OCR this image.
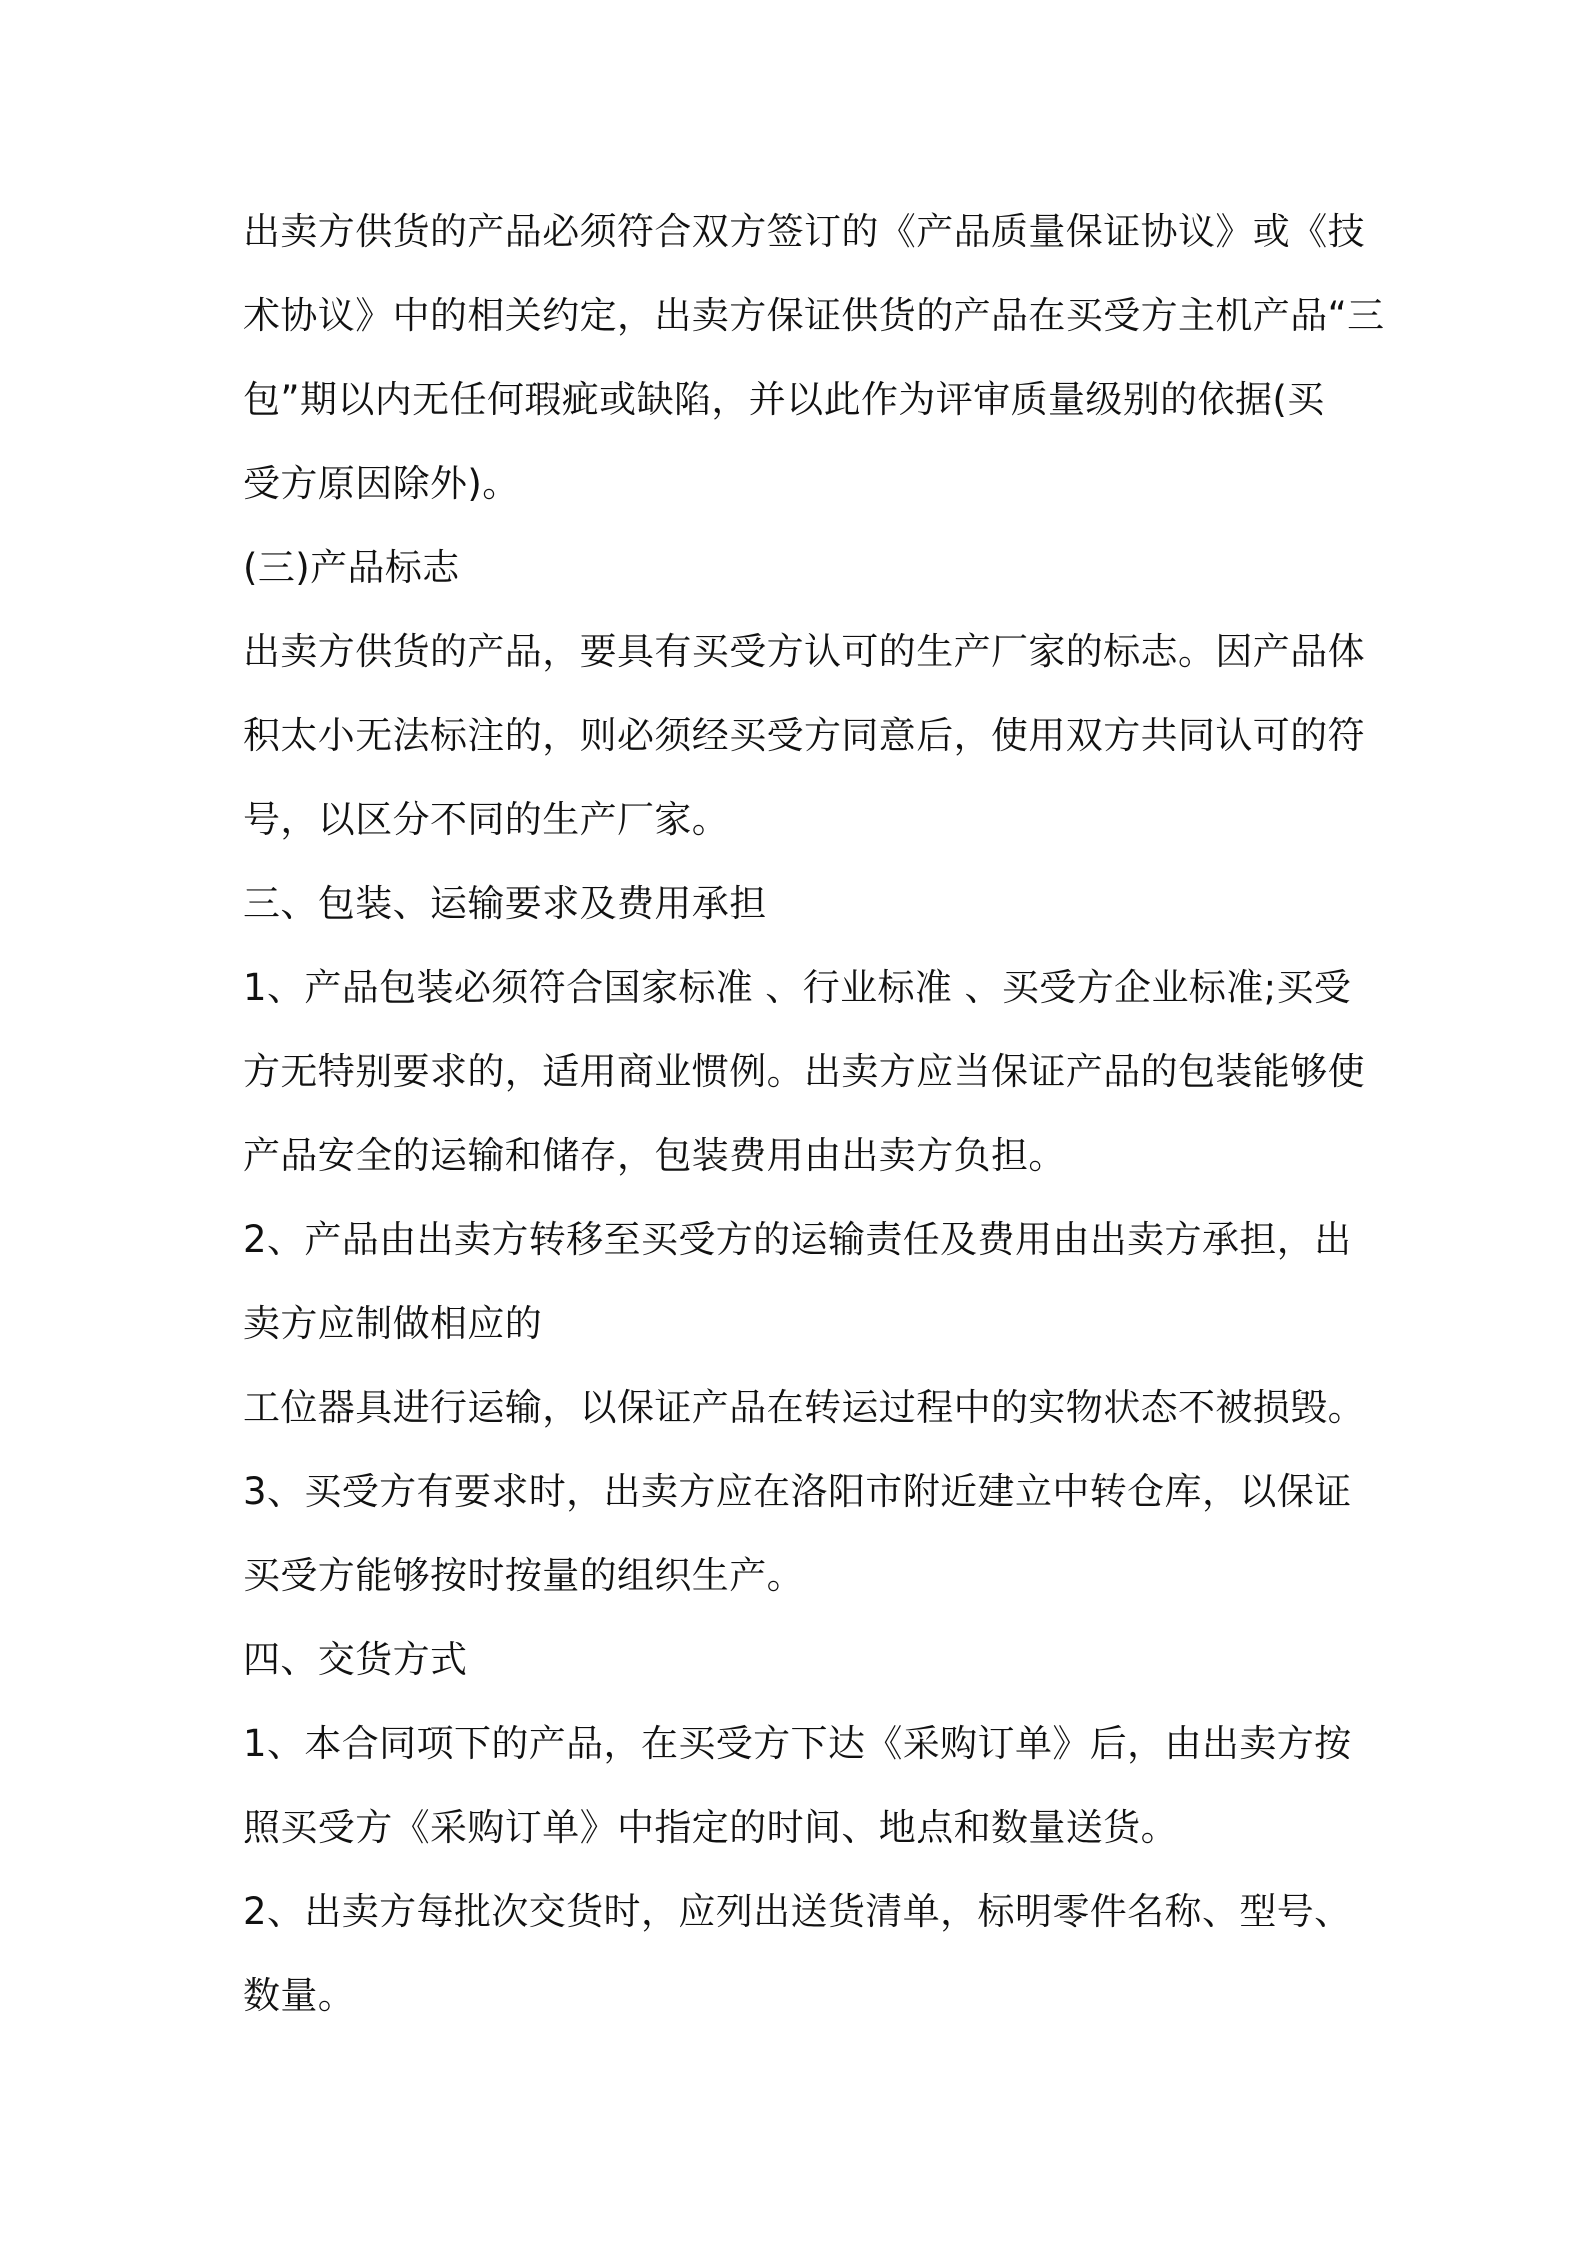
出卖方供货的产品必须符合双方签订的《产品质量保证协议》或《技
术协议》中的相关约定，出卖方保证供货的产品在买受方主机产品“三
包”期以内无任何瑕疵或缺陷，并以此作为评审质量级别的依据(买
受方原因除外)。
(三)产品标志
出卖方供货的产品，要具有买受方认可的生产厂家的标志。因产品体
积太小无法标注的，则必须经买受方同意后，使用双方共同认可的符
号，以区分不同的生产厂家。
三、包装、运输要求及费用承担
1、产品包装必须符合国家标准 、行业标准 、买受方企业标准;买受
方无特别要求的，适用商业惯例。出卖方应当保证产品的包装能够使
产品安全的运输和储存，包装费用由出卖方负担。
2、产品由出卖方转移至买受方的运输责任及费用由出卖方承担，出
卖方应制做相应的
工位器具进行运输，以保证产品在转运过程中的实物状态不被损毁。
3、买受方有要求时，出卖方应在洛阳市附近建立中转仓库，以保证
买受方能够按时按量的组织生产。
四、交货方式
1、本合同项下的产品，在买受方下达《采购订单》后，由出卖方按
照买受方《采购订单》中指定的时间、地点和数量送货。
2、出卖方每批次交货时，应列出送货清单，标明零件名称、型号、
数量。
